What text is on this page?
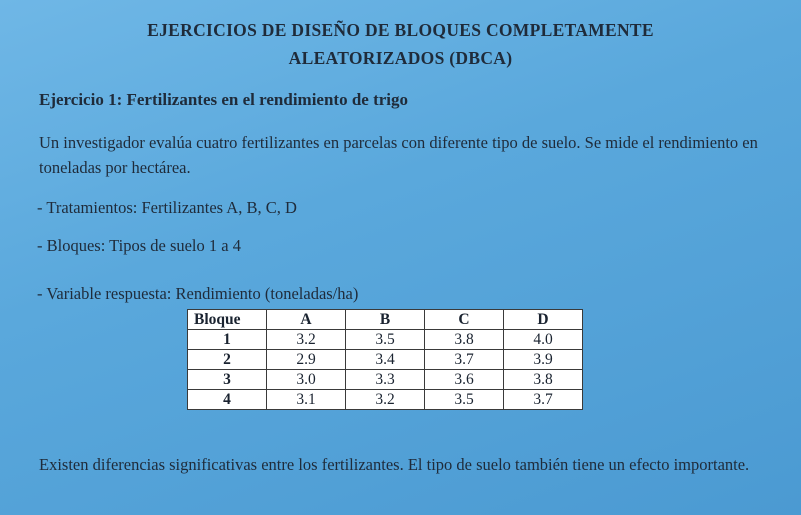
EJERCICIOS DE DISEÑO DE BLOQUES COMPLETAMENTE
ALEATORIZADOS (DBCA)
Ejercicio 1: Fertilizantes en el rendimiento de trigo
Un investigador evalúa cuatro fertilizantes en parcelas con diferente tipo de suelo. Se mide el rendimiento en toneladas por hectárea.
- Tratamientos: Fertilizantes A, B, C, D
- Bloques: Tipos de suelo 1 a 4
- Variable respuesta: Rendimiento (toneladas/ha)
Bloque	A	B	C	D
1	3.2	3.5	3.8	4.0
2	2.9	3.4	3.7	3.9
3	3.0	3.3	3.6	3.8
4	3.1	3.2	3.5	3.7
Existen diferencias significativas entre los fertilizantes. El tipo de suelo también tiene un efecto importante.
